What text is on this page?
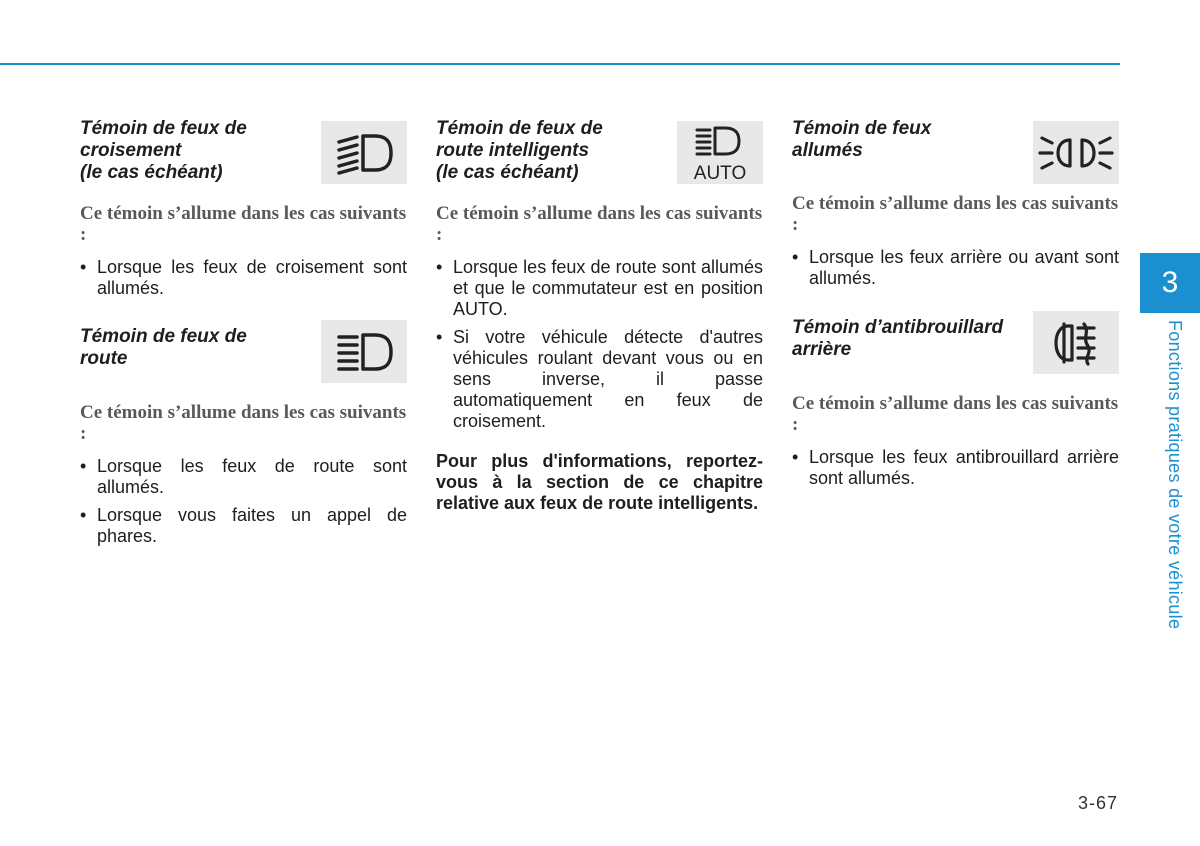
Témoin de feux de
croisement
(le cas échéant)

Ce témoin s’allume dans les cas suivants :

• Lorsque les feux de croisement sont allumés.
Témoin de feux de
route

Ce témoin s’allume dans les cas suivants :

• Lorsque les feux de route sont allumés.
• Lorsque vous faites un appel de phares.
Témoin de feux de
route intelligents
(le cas échéant)	AUTO

Ce témoin s’allume dans les cas suivants :

• Lorsque les feux de route sont allumés et que le commutateur est en position AUTO.
• Si votre véhicule détecte d'autres véhicules roulant devant vous ou en sens inverse, il passe automatiquement en feux de croisement.

Pour plus d'informations, reportez-vous à la section de ce chapitre relative aux feux de route intelligents.

Témoin de feux
allumés

Ce témoin s’allume dans les cas suivants :

• Lorsque les feux arrière ou avant sont allumés.
Témoin d’antibrouillard
arrière

Ce témoin s’allume dans les cas suivants :

• Lorsque les feux antibrouillard arrière sont allumés.
3
Fonctions pratiques de votre véhicule
3-67
